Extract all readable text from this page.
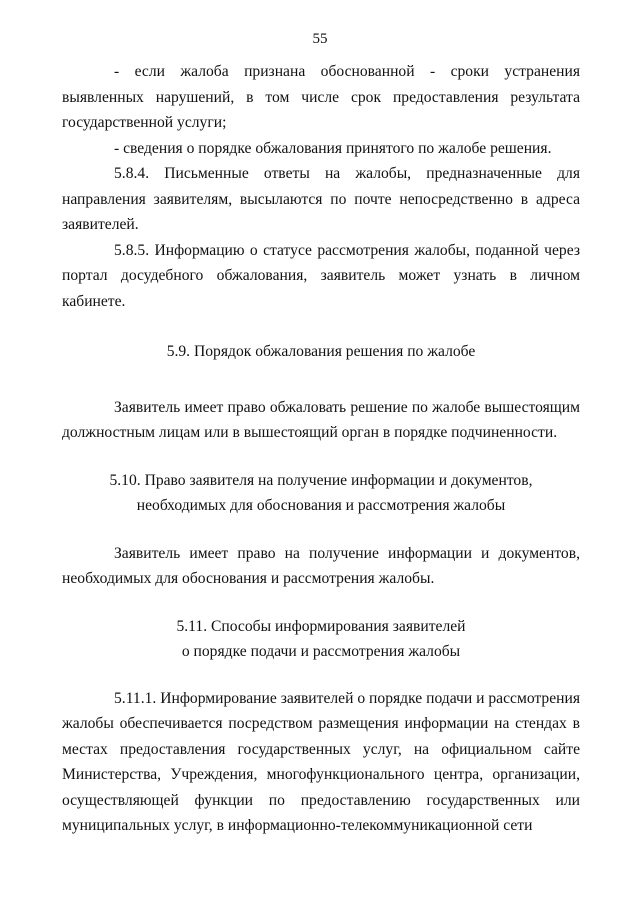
55

- если жалоба признана обоснованной - сроки устранения выявленных нарушений, в том числе срок предоставления результата государственной услуги;

- сведения о порядке обжалования принятого по жалобе решения.

5.8.4. Письменные ответы на жалобы, предназначенные для направления заявителям, высылаются по почте непосредственно в адреса заявителей.

5.8.5. Информацию о статусе рассмотрения жалобы, поданной через портал досудебного обжалования, заявитель может узнать в личном кабинете.

5.9. Порядок обжалования решения по жалобе

Заявитель имеет право обжаловать решение по жалобе вышестоящим должностным лицам или в вышестоящий орган в порядке подчиненности.

5.10. Право заявителя на получение информации и документов,

необходимых для обоснования и рассмотрения жалобы

Заявитель имеет право на получение информации и документов, необходимых для обоснования и рассмотрения жалобы.

5.11. Способы информирования заявителей

о порядке подачи и рассмотрения жалобы

5.11.1. Информирование заявителей о порядке подачи и рассмотрения жалобы обеспечивается посредством размещения информации на стендах в местах предоставления государственных услуг, на официальном сайте Министерства, Учреждения, многофункционального центра, организации, осуществляющей функции по предоставлению государственных или муниципальных услуг, в информационно-телекоммуникационной сети
